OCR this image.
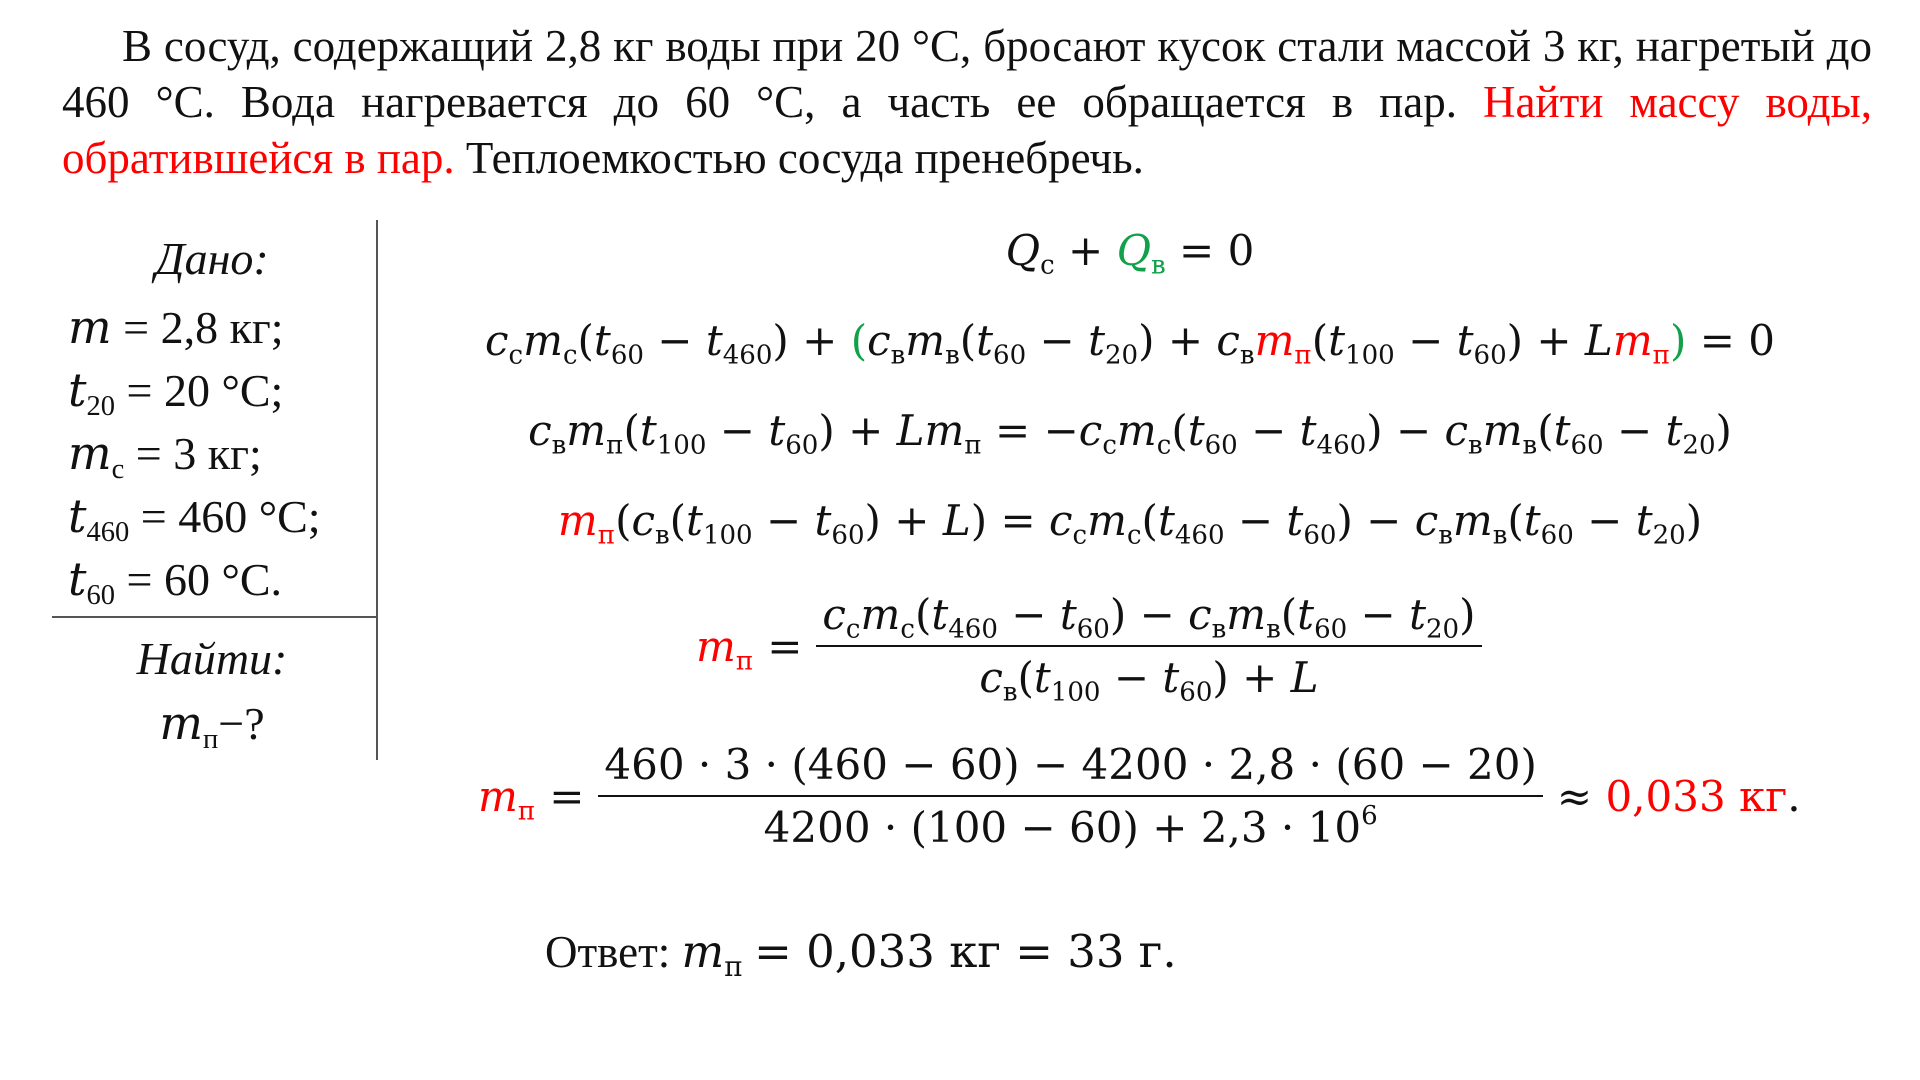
В сосуд, содержащий 2,8 кг воды при 20 °С, бросают кусок стали массой 3 кг, нагретый до 460 °С. Вода нагревается до 60 °С, а часть ее обращается в пар. Найти массу воды, обратившейся в пар. Теплоемкостью сосуда пренебречь.

Дано:
m = 2,8 кг;
$t_{20} = 20$ °С;
$m_с = 3$ кг;
$t_{460} = 460$ °С;
$t_{60} = 60$ °С.
Найти:
$m_п-$?
$Q_с + Q_в = 0$
$c_сm_с(t_{60} - t_{460}) + (c_вm_в(t_{60} - t_{20}) + c_вm_п(t_{100} - t_{60}) + Lm_п) = 0$
$c_вm_п(t_{100} - t_{60}) + Lm_п = -c_сm_с(t_{60} - t_{460}) - c_вm_в(t_{60} - t_{20})$
$m_п(c_в(t_{100} - t_{60}) + L) = c_сm_с(t_{460} - t_{60}) - c_вm_в(t_{60} - t_{20})$
$m_п = \frac{c_сm_с(t_{460} - t_{60}) - c_вm_в(t_{60} - t_{20})}{c_в(t_{100} - t_{60}) + L}$
$m_п = \frac{460 \cdot 3 \cdot (460 - 60) - 4200 \cdot 2,8 \cdot (60 - 20)}{4200 \cdot (100 - 60) + 2,3 \cdot 10^6}$ ≈
0,033 кг .
Ответ: $m_п = 0,033$ кг = 33 г.
